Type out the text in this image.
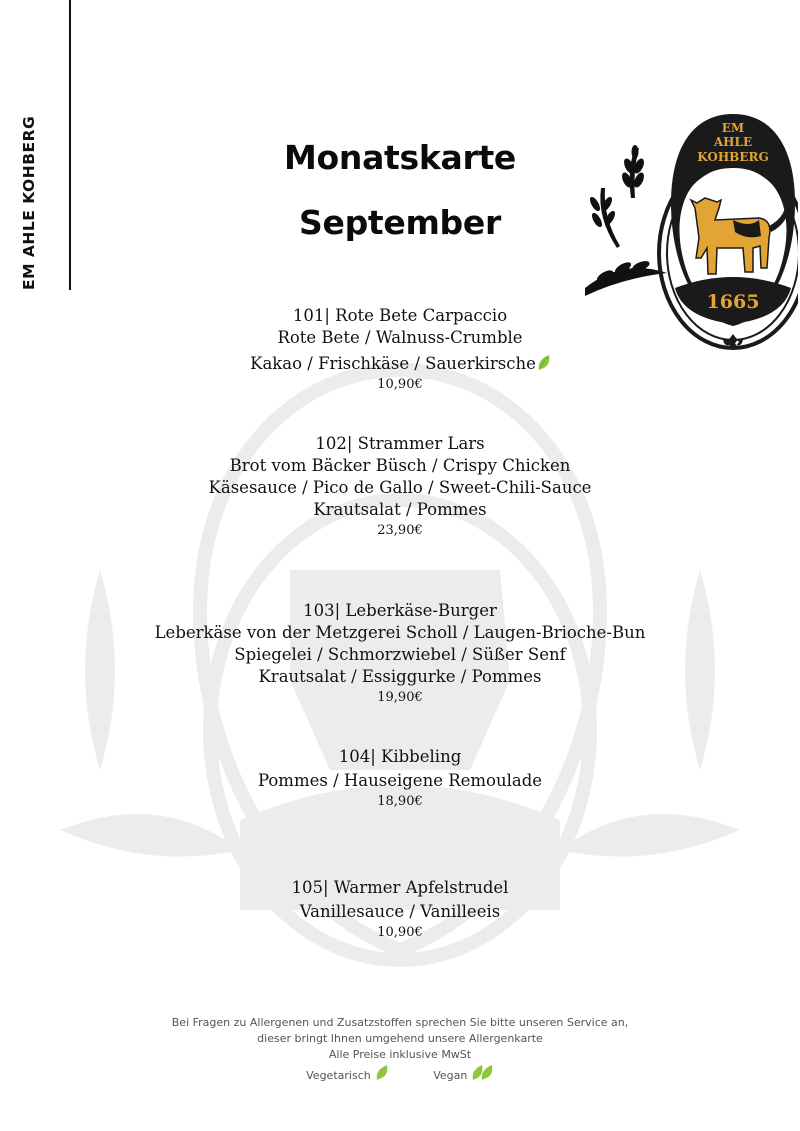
EM AHLE KOHBERG	EM
AHLE
KOHBERG
1665
Monatskarte
September
101| Rote Bete Carpaccio
Rote Bete / Walnuss-Crumble
Kakao / Frischkäse / Sauerkirsche
10,90€
102| Strammer Lars
Brot vom Bäcker Büsch / Crispy Chicken
Käsesauce / Pico de Gallo / Sweet-Chili-Sauce
Krautsalat / Pommes
23,90€
103| Leberkäse-Burger
Leberkäse von der Metzgerei Scholl / Laugen-Brioche-Bun
Spiegelei / Schmorzwiebel / Süßer Senf
Krautsalat / Essiggurke / Pommes
19,90€
104| Kibbeling
Pommes / Hauseigene Remoulade
18,90€
105| Warmer Apfelstrudel
Vanillesauce / Vanilleeis
10,90€
Bei Fragen zu Allergenen und Zusatzstoffen sprechen Sie bitte unseren Service an,
dieser bringt Ihnen umgehend unsere Allergenkarte
Alle Preise inklusive MwSt
Vegetarisch	Vegan
